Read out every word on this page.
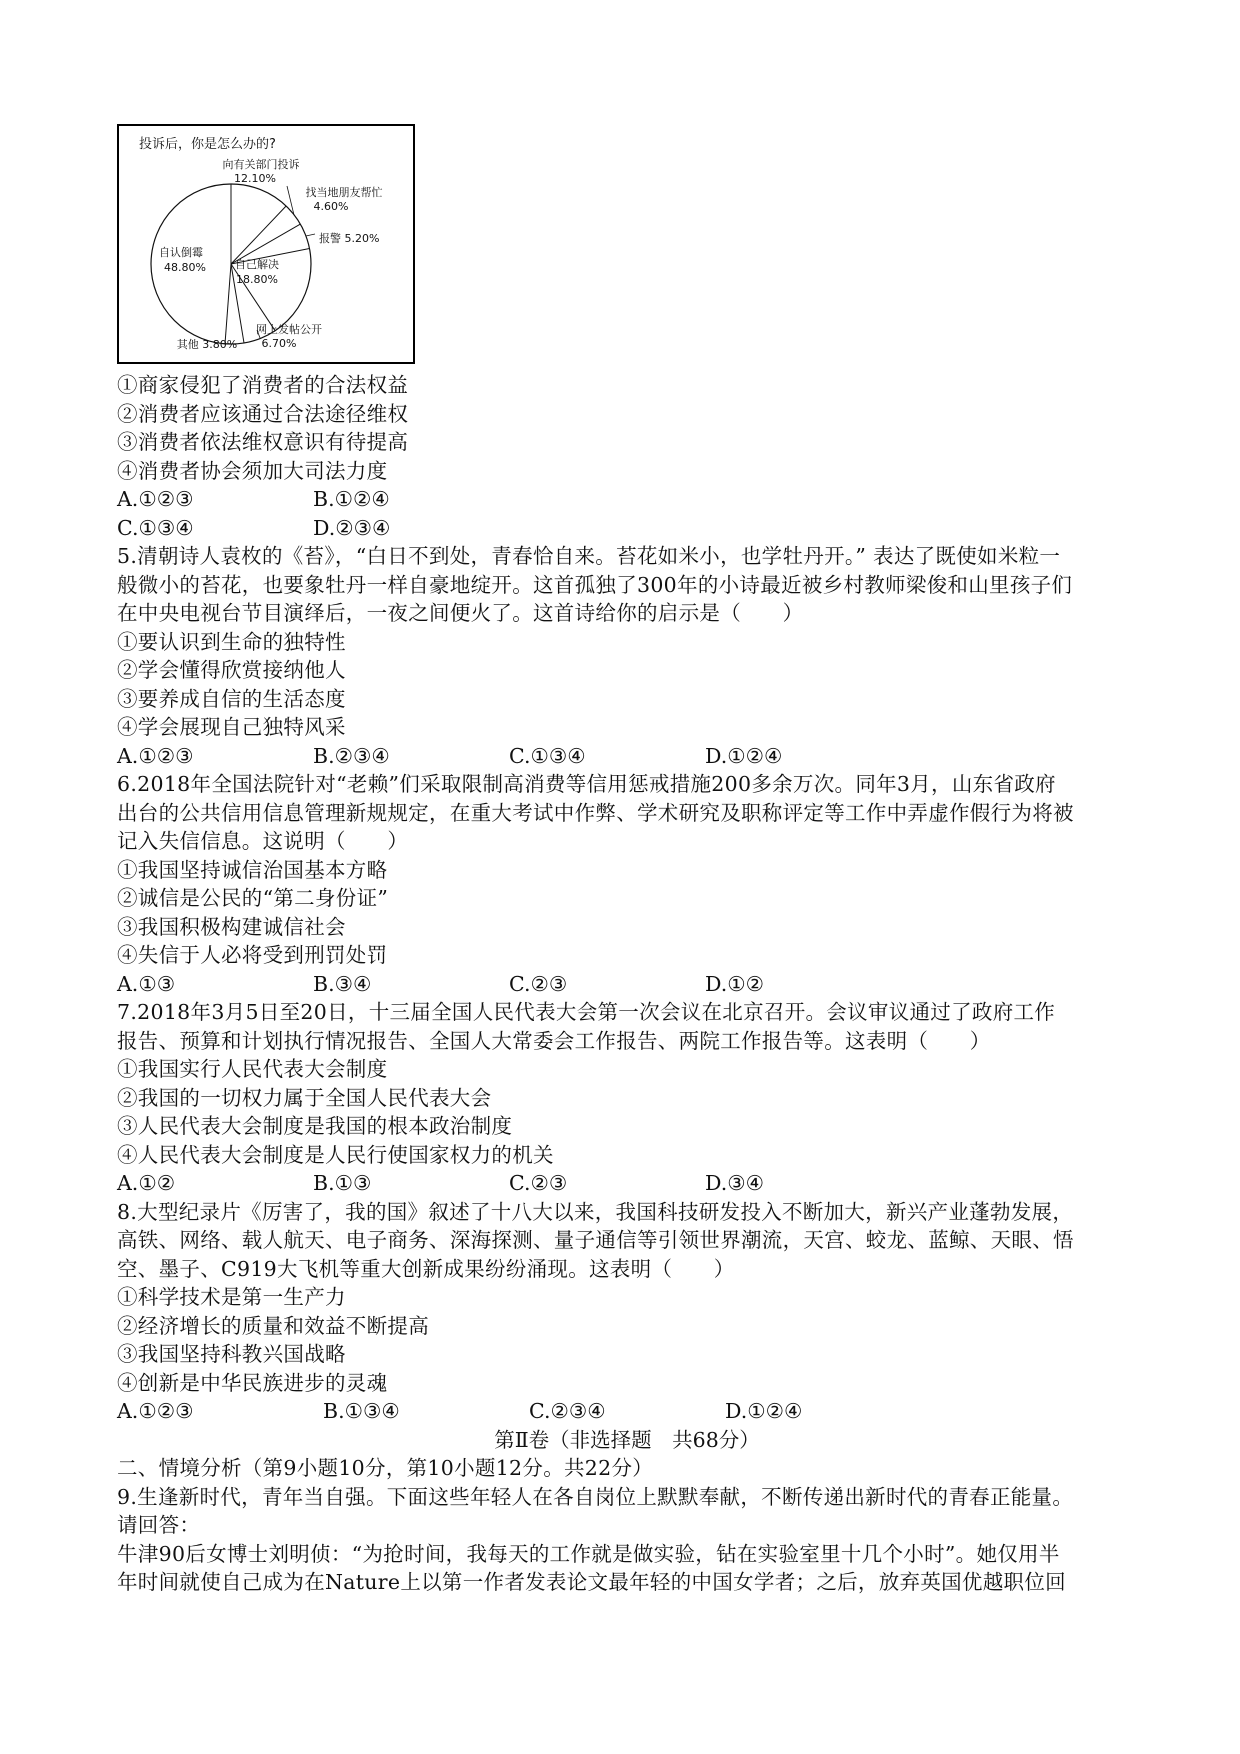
投诉后，你是怎么办的?
向有关部门投诉
12.10%
找当地朋友帮忙
4.60%
报警 5.20%
自己解决
18.80%
网上发帖公开
6.70%
其他 3.80%
自认倒霉
48.80%
①商家侵犯了消费者的合法权益
②消费者应该通过合法途径维权
③消费者依法维权意识有待提高
④消费者协会须加大司法力度
A.①②③	B.①②④
C.①③④	D.②③④
5.清朝诗人袁枚的《苔》，“白日不到处，青春恰自来。苔花如米小，也学牡丹开。” 表达了既使如米粒一
般微小的苔花，也要象牡丹一样自豪地绽开。这首孤独了300年的小诗最近被乡村教师梁俊和山里孩子们
在中央电视台节目演绎后，一夜之间便火了。这首诗给你的启示是（　　）
①要认识到生命的独特性
②学会懂得欣赏接纳他人
③要养成自信的生活态度
④学会展现自己独特风采
A.①②③	B.②③④	C.①③④	D.①②④
6.2018年全国法院针对“老赖”们采取限制高消费等信用惩戒措施200多余万次。同年3月，山东省政府
出台的公共信用信息管理新规规定，在重大考试中作弊、学术研究及职称评定等工作中弄虚作假行为将被
记入失信信息。这说明（　　）
①我国坚持诚信治国基本方略
②诚信是公民的“第二身份证”
③我国积极构建诚信社会
④失信于人必将受到刑罚处罚
A.①③	B.③④	C.②③	D.①②
7.2018年3月5日至20日，十三届全国人民代表大会第一次会议在北京召开。会议审议通过了政府工作
报告、预算和计划执行情况报告、全国人大常委会工作报告、两院工作报告等。这表明（　　）
①我国实行人民代表大会制度
②我国的一切权力属于全国人民代表大会
③人民代表大会制度是我国的根本政治制度
④人民代表大会制度是人民行使国家权力的机关
A.①②	B.①③	C.②③	D.③④
8.大型纪录片《厉害了，我的国》叙述了十八大以来，我国科技研发投入不断加大，新兴产业蓬勃发展，
高铁、网络、载人航天、电子商务、深海探测、量子通信等引领世界潮流，天宫、蛟龙、蓝鲸、天眼、悟
空、墨子、C919大飞机等重大创新成果纷纷涌现。这表明（　　）
①科学技术是第一生产力
②经济增长的质量和效益不断提高
③我国坚持科教兴国战略
④创新是中华民族进步的灵魂
A.①②③	B.①③④	C.②③④	D.①②④
第Ⅱ卷（非选择题　共68分）
二、情境分析（第9小题10分，第10小题12分。共22分）
9.生逢新时代，青年当自强。下面这些年轻人在各自岗位上默默奉献，不断传递出新时代的青春正能量。
请回答：
牛津90后女博士刘明侦：“为抢时间，我每天的工作就是做实验，钻在实验室里十几个小时”。她仅用半
年时间就使自己成为在Nature上以第一作者发表论文最年轻的中国女学者；之后，放弃英国优越职位回
